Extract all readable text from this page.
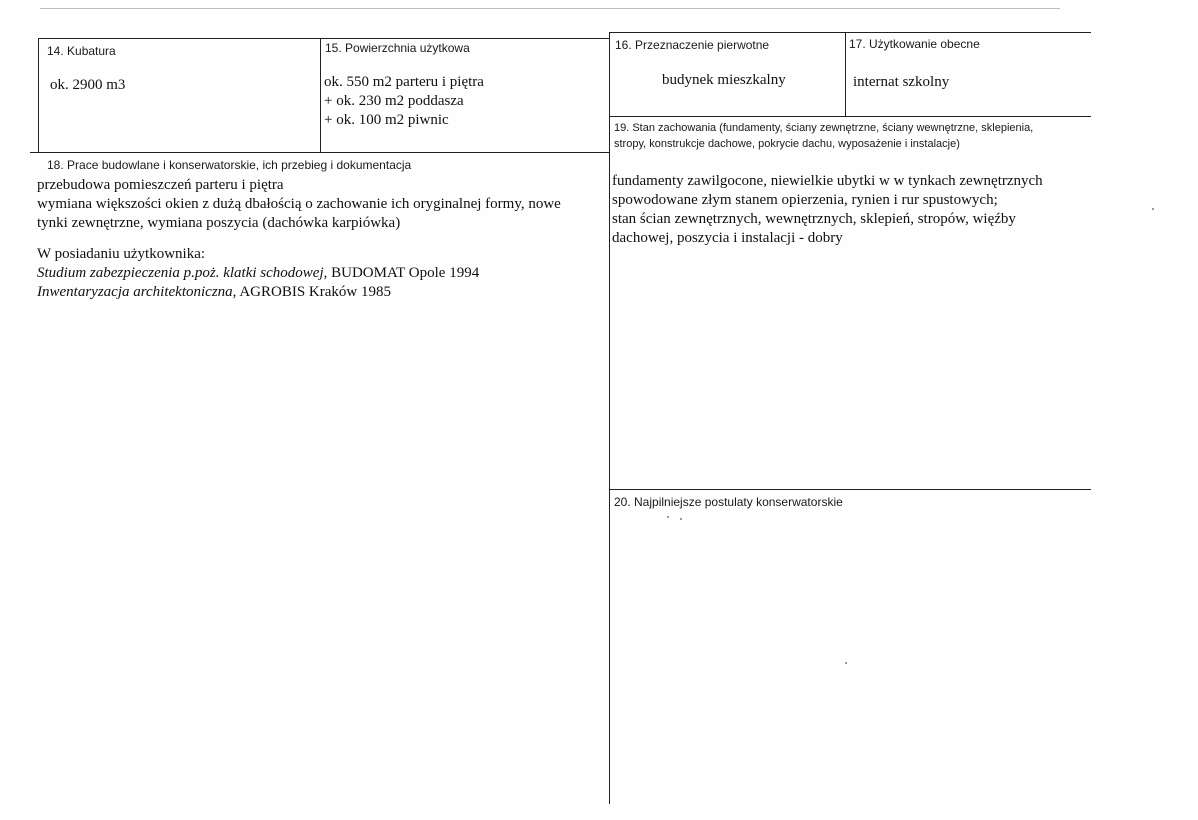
14. Kubatura
ok. 2900 m3
15. Powierzchnia użytkowa
ok. 550 m2 parteru i piętra
+ ok. 230 m2 poddasza
+ ok. 100 m2 piwnic
16. Przeznaczenie pierwotne
budynek mieszkalny
17. Użytkowanie obecne
internat szkolny
18. Prace budowlane i konserwatorskie, ich przebieg i dokumentacja
przebudowa pomieszczeń parteru i piętra
wymiana większości okien z dużą dbałością o zachowanie ich oryginalnej formy, nowe
tynki zewnętrzne, wymiana poszycia (dachówka karpiówka)
W posiadaniu użytkownika:
Studium zabezpieczenia p.poż. klatki schodowej, BUDOMAT Opole 1994
Inwentaryzacja architektoniczna, AGROBIS Kraków 1985
19. Stan zachowania (fundamenty, ściany zewnętrzne, ściany wewnętrzne, sklepienia,
stropy, konstrukcje dachowe, pokrycie dachu, wyposażenie i instalacje)
fundamenty zawilgocone, niewielkie ubytki w w tynkach zewnętrznych
spowodowane złym stanem opierzenia, rynien i rur spustowych;
stan ścian zewnętrznych, wewnętrznych, sklepień, stropów, więźby
dachowej, poszycia i instalacji - dobry
20. Najpilniejsze postulaty konserwatorskie
